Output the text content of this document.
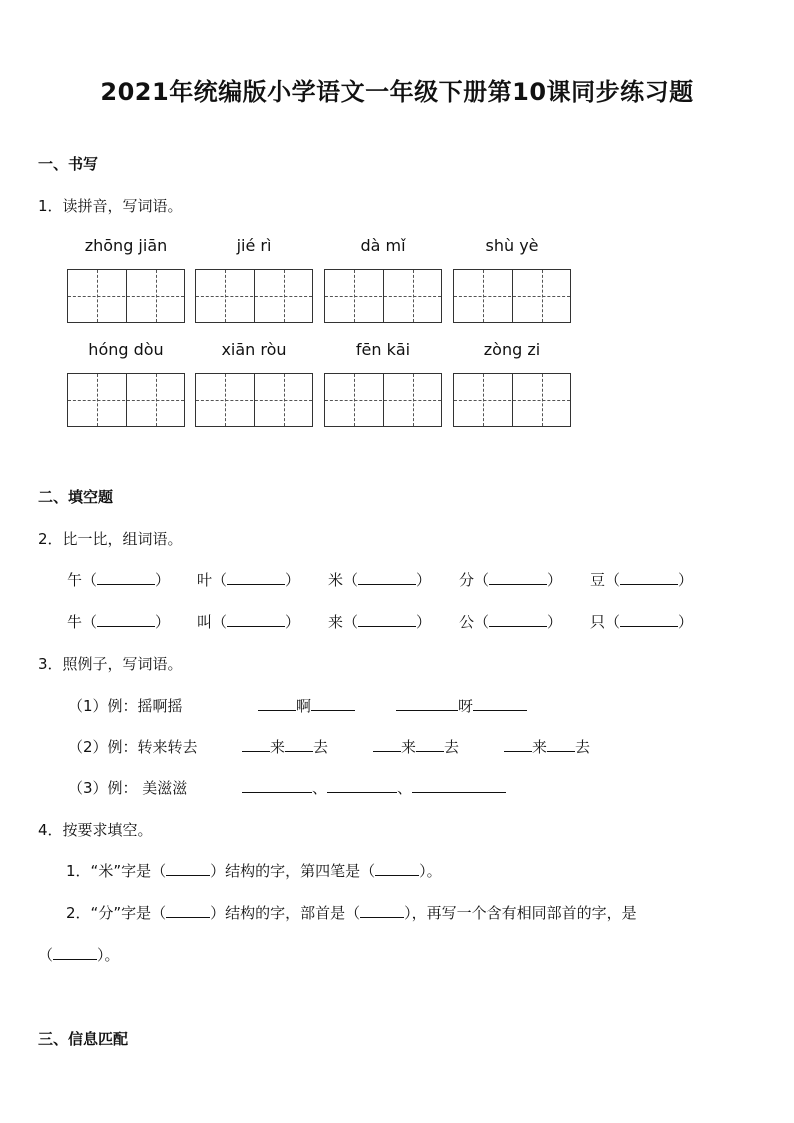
2021年统编版小学语文一年级下册第10课同步练习题
一、书写
1．读拼音，写词语。
zhōng jiān	jié rì	dà mǐ	shù yè
hóng dòu	xiān ròu	fēn kāi	zòng zi
二、填空题
2．比一比，组词语。
午（	） 叶（	） 米（	） 分（	） 豆（	）
牛（	） 叫（	） 来（	） 公（	） 只（	）
3．照例子，写词语。
（1）例：摇啊摇	啊	呀
（2）例：转来转去	来 去	来 去	来 去
（3）例： 美滋滋	、	、
4．按要求填空。
1．“米”字是（	）结构的字，第四笔是（	）。
2．“分”字是（	）结构的字，部首是（	），再写一个含有相同部首的字，是
（	）。
三、信息匹配
